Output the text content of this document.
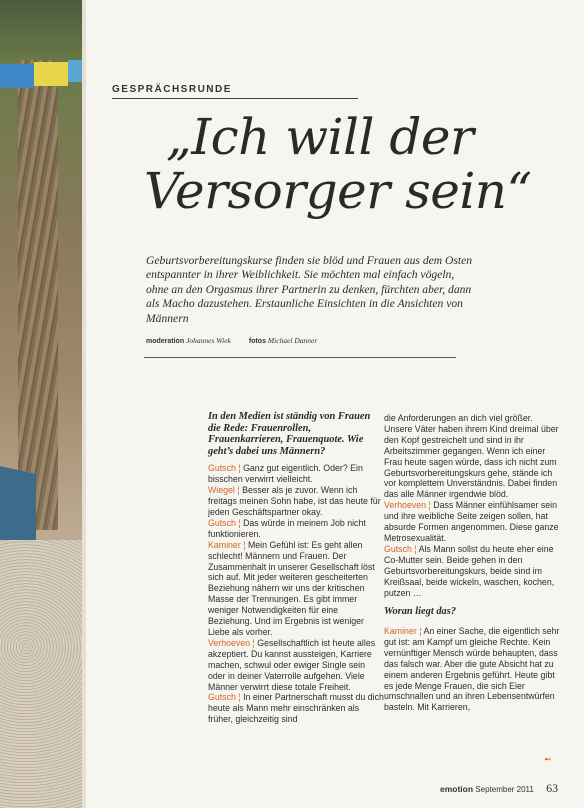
GESPRÄCHSRUNDE
„Ich will der
Versorger sein“

Geburtsvorbereitungskurse finden sie blöd und Frauen aus dem Osten entspannter in ihrer Weiblichkeit. Sie möchten mal einfach vögeln, ohne an den Orgasmus ihrer Partnerin zu denken, fürchten aber, dann als Macho dazustehen. Erstaunliche Einsichten in die Ansichten von Männern

moderation Johannes Wiek	fotos Michael Danner

In den Medien ist ständig von Frauen die Rede: Frauenrollen, Frauenkarrieren, Frauenquote. Wie geht’s dabei uns Männern?

Gutsch ¦ Ganz gut eigentlich. Oder? Ein bisschen verwirrt vielleicht.

Wiegel ¦ Besser als je zuvor. Wenn ich freitags meinen Sohn habe, ist das heute für jeden Geschäftspartner okay.

Gutsch ¦ Das würde in meinem Job nicht funktionieren.

Kaminer ¦ Mein Gefühl ist: Es geht allen schlecht! Männern und Frauen. Der Zusammenhalt in unserer Gesellschaft löst sich auf. Mit jeder weiteren gescheiterten Beziehung nähern wir uns der kritischen Masse der Trennungen. Es gibt immer weniger Notwendigkeiten für eine Beziehung. Und im Ergebnis ist weniger Liebe als vorher.

Verhoeven ¦ Gesellschaftlich ist heute alles akzeptiert. Du kannst aussteigen, Karriere machen, schwul oder ewiger Single sein oder in deiner Vaterrolle aufgehen. Viele Männer verwirrt diese totale Freiheit.

Gutsch ¦ In einer Partnerschaft musst du dich heute als Mann mehr einschränken als früher, gleichzeitig sind

die Anforderungen an dich viel größer. Unsere Väter haben ihrem Kind dreimal über den Kopf gestreichelt und sind in ihr Arbeitszimmer gegangen. Wenn ich einer Frau heute sagen würde, dass ich nicht zum Geburtsvorbereitungskurs gehe, stände ich vor komplettem Unverständnis. Dabei finden das alle Männer irgendwie blöd.

Verhoeven ¦ Dass Männer einfühlsamer sein und ihre weibliche Seite zeigen sollen, hat absurde Formen angenommen. Diese ganze Metrosexualität.

Gutsch ¦ Als Mann sollst du heute eher eine Co-Mutter sein. Beide gehen in den Geburtsvorbereitungskurs, beide sind im Kreißsaal, beide wickeln, waschen, kochen, putzen …

Woran liegt das?

Kaminer ¦ An einer Sache, die eigentlich sehr gut ist: am Kampf um gleiche Rechte. Kein vernünftiger Mensch würde behaupten, dass das falsch war. Aber die gute Absicht hat zu einem anderen Ergebnis geführt. Heute gibt es jede Menge Frauen, die sich Eier umschnallen und an ihren Lebensentwürfen basteln. Mit Karrieren,

➻
emotion September 2011 63
